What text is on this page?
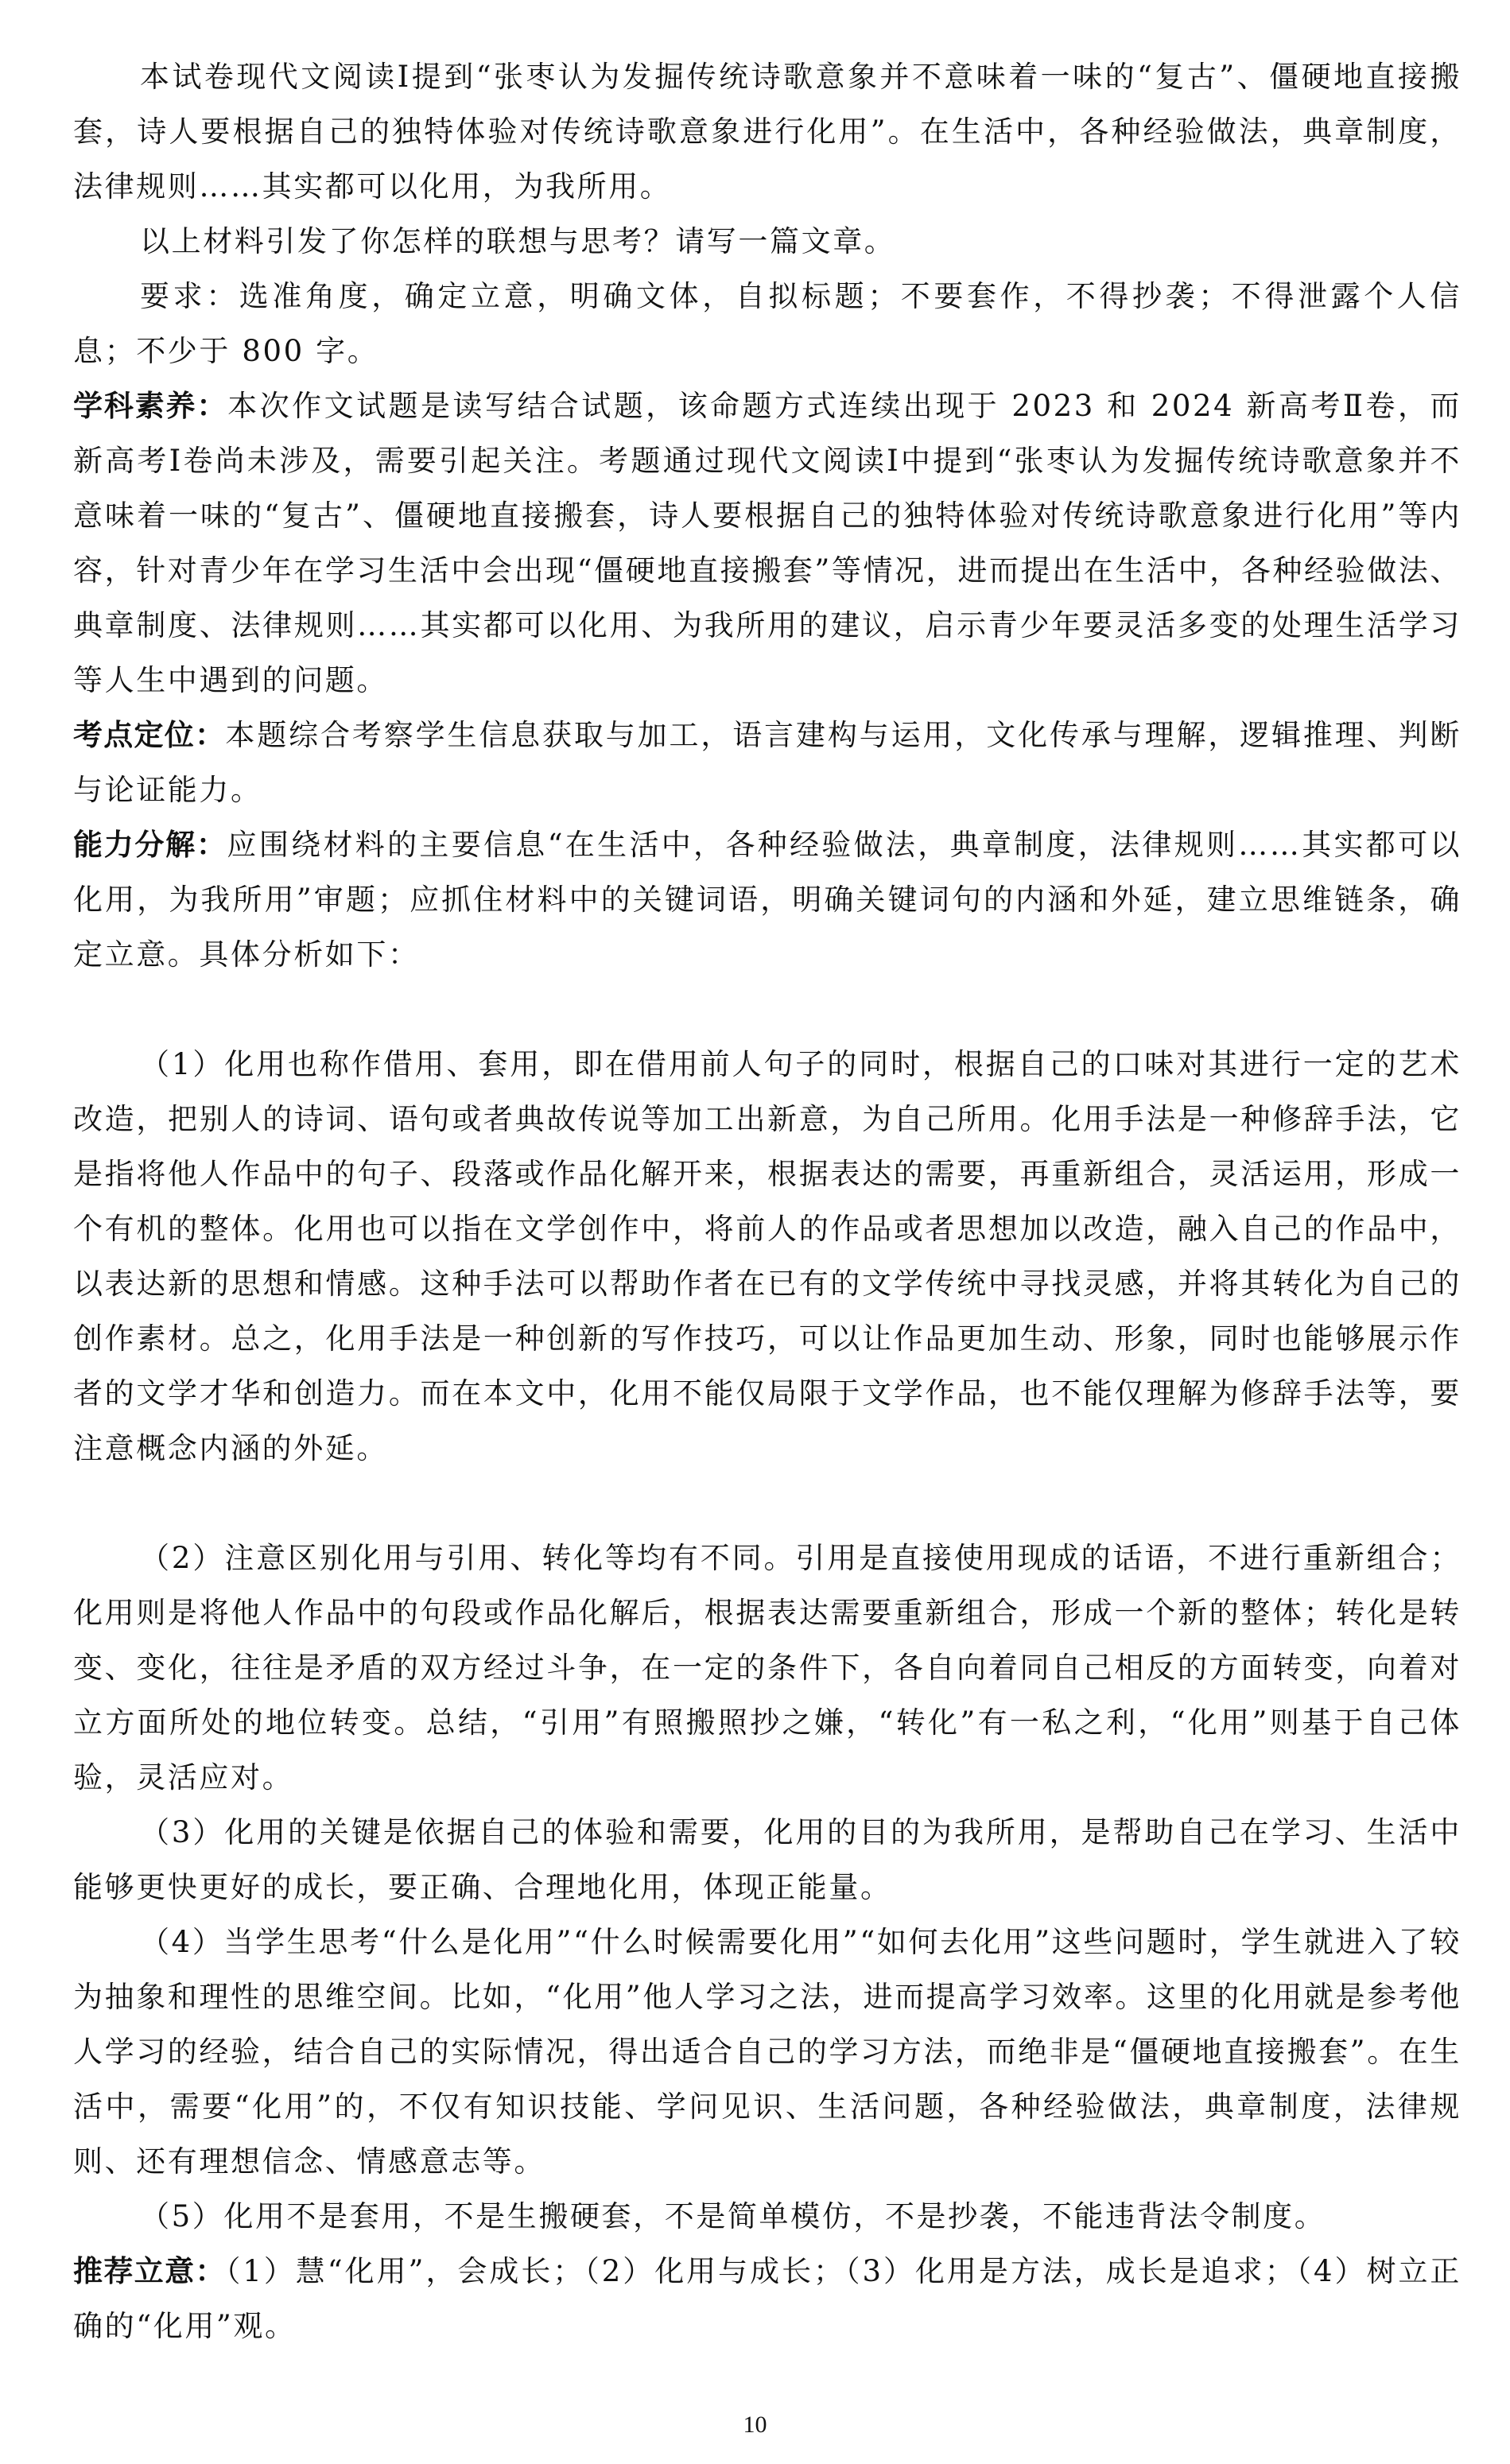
本试卷现代文阅读Ⅰ提到“张枣认为发掘传统诗歌意象并不意味着一味的“复古”、僵硬地直接搬套，诗人要根据自己的独特体验对传统诗歌意象进行化用”。在生活中，各种经验做法，典章制度，法律规则……其实都可以化用，为我所用。

以上材料引发了你怎样的联想与思考？请写一篇文章。

要求：选准角度，确定立意，明确文体，自拟标题；不要套作，不得抄袭；不得泄露个人信息；不少于 800 字。

学科素养：本次作文试题是读写结合试题，该命题方式连续出现于 2023 和 2024 新高考Ⅱ卷，而新高考Ⅰ卷尚未涉及，需要引起关注。考题通过现代文阅读Ⅰ中提到“张枣认为发掘传统诗歌意象并不意味着一味的“复古”、僵硬地直接搬套，诗人要根据自己的独特体验对传统诗歌意象进行化用”等内容，针对青少年在学习生活中会出现“僵硬地直接搬套”等情况，进而提出在生活中，各种经验做法、典章制度、法律规则……其实都可以化用、为我所用的建议，启示青少年要灵活多变的处理生活学习等人生中遇到的问题。

考点定位：本题综合考察学生信息获取与加工，语言建构与运用，文化传承与理解，逻辑推理、判断与论证能力。

能力分解：应围绕材料的主要信息“在生活中，各种经验做法，典章制度，法律规则……其实都可以化用，为我所用”审题；应抓住材料中的关键词语，明确关键词句的内涵和外延，建立思维链条，确定立意。具体分析如下：

（1）化用也称作借用、套用，即在借用前人句子的同时，根据自己的口味对其进行一定的艺术改造，把别人的诗词、语句或者典故传说等加工出新意，为自己所用。化用手法是一种修辞手法，它是指将他人作品中的句子、段落或作品化解开来，根据表达的需要，再重新组合，灵活运用，形成一个有机的整体。化用也可以指在文学创作中，将前人的作品或者思想加以改造，融入自己的作品中，以表达新的思想和情感。这种手法可以帮助作者在已有的文学传统中寻找灵感，并将其转化为自己的创作素材。总之，化用手法是一种创新的写作技巧，可以让作品更加生动、形象，同时也能够展示作者的文学才华和创造力。而在本文中，化用不能仅局限于文学作品，也不能仅理解为修辞手法等，要注意概念内涵的外延。

（2）注意区别化用与引用、转化等均有不同。引用是直接使用现成的话语，不进行重新组合；化用则是将他人作品中的句段或作品化解后，根据表达需要重新组合，形成一个新的整体；转化是转变、变化，往往是矛盾的双方经过斗争，在一定的条件下，各自向着同自己相反的方面转变，向着对立方面所处的地位转变。总结，“引用”有照搬照抄之嫌，“转化”有一私之利，“化用”则基于自己体验，灵活应对。

（3）化用的关键是依据自己的体验和需要，化用的目的为我所用，是帮助自己在学习、生活中能够更快更好的成长，要正确、合理地化用，体现正能量。

（4）当学生思考“什么是化用”“什么时候需要化用”“如何去化用”这些问题时，学生就进入了较为抽象和理性的思维空间。比如，“化用”他人学习之法，进而提高学习效率。这里的化用就是参考他人学习的经验，结合自己的实际情况，得出适合自己的学习方法，而绝非是“僵硬地直接搬套”。在生活中，需要“化用”的，不仅有知识技能、学问见识、生活问题，各种经验做法，典章制度，法律规则、还有理想信念、情感意志等。

（5）化用不是套用，不是生搬硬套，不是简单模仿，不是抄袭，不能违背法令制度。

推荐立意：（1）慧“化用”，会成长；（2）化用与成长；（3）化用是方法，成长是追求；（4）树立正确的“化用”观。

10
